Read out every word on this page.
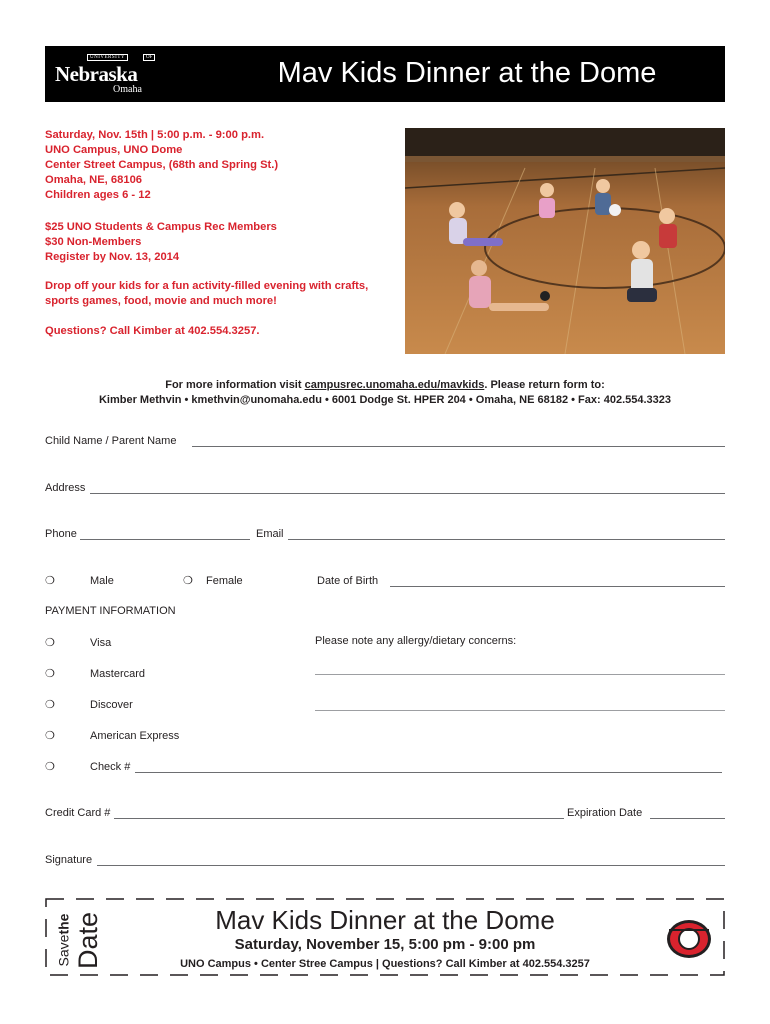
UNIVERSITY	OF
Nebraska
Omaha
Mav Kids Dinner at the Dome
Saturday, Nov. 15th | 5:00 p.m. - 9:00 p.m.
UNO Campus, UNO Dome
Center Street Campus, (68th and Spring St.)
Omaha, NE, 68106
Children ages 6 - 12
$25 UNO Students & Campus Rec Members
$30 Non-Members
Register by Nov. 13, 2014
Drop off your kids for a fun activity-filled evening with crafts,
sports games, food, movie and much more!
Questions? Call Kimber at 402.554.3257.
For more information visit campusrec.unomaha.edu/mavkids. Please return form to:
Kimber Methvin • kmethvin@unomaha.edu • 6001 Dodge St. HPER 204 • Omaha, NE 68182 • Fax: 402.554.3323
Child Name / Parent Name
Address
Phone	Email
❍	Male	❍ Female	Date of Birth
PAYMENT INFORMATION
❍	Visa	Please note any allergy/dietary concerns:
❍	Mastercard
❍	Discover
❍	American Express
❍	Check #
Credit Card #	Expiration Date
Signature
Savethe Date	Mav Kids Dinner at the Dome
Saturday, November 15, 5:00 pm - 9:00 pm
UNO Campus • Center Stree Campus | Questions? Call Kimber at 402.554.3257
